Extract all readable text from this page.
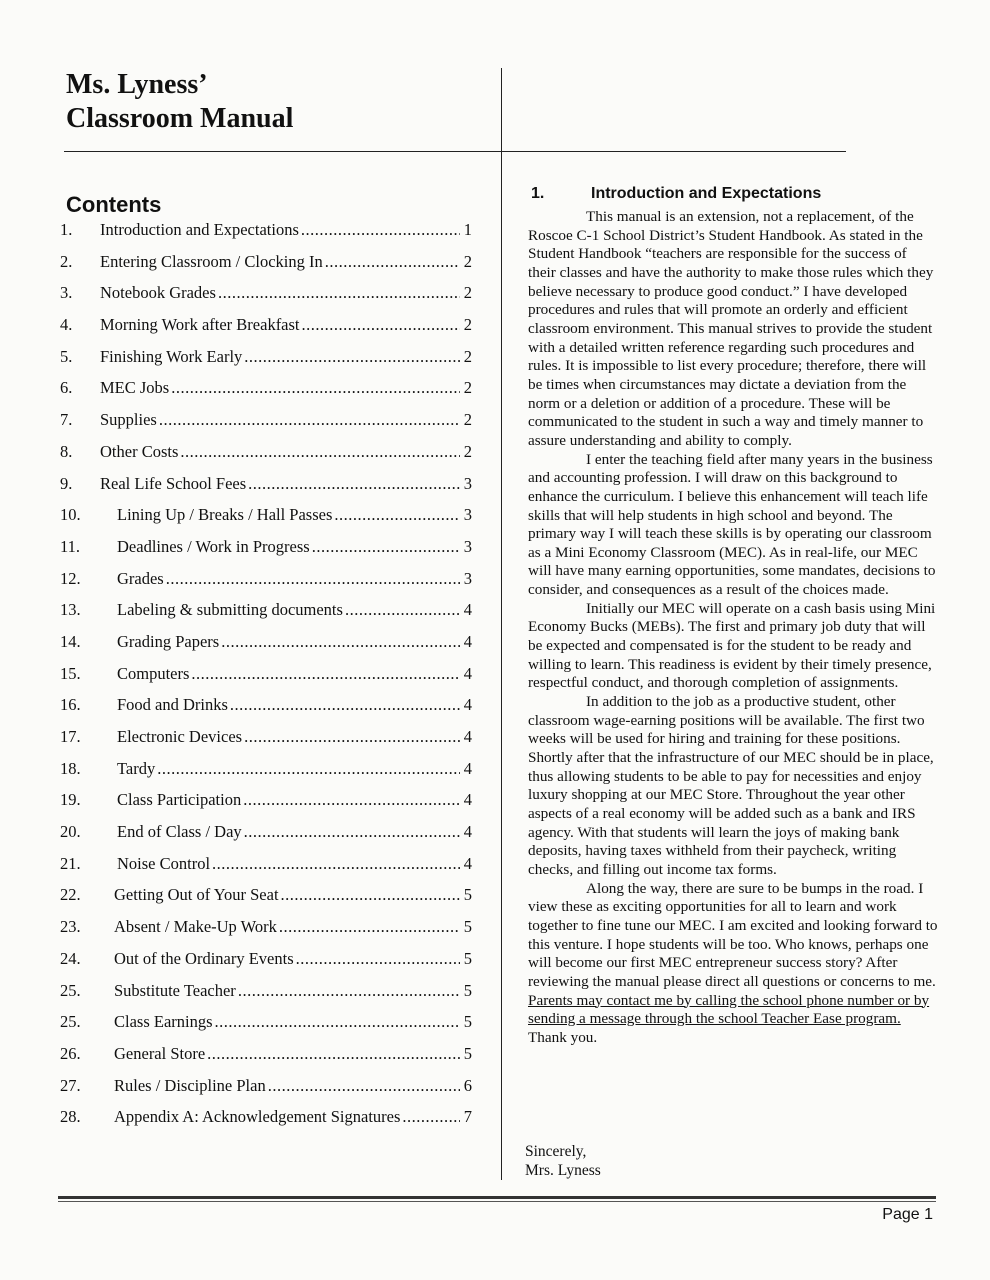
Ms. Lyness’
Classroom Manual
Contents
1.	Introduction and Expectations .....	1
2.	Entering Classroom / Clocking In .....	2
3.	Notebook Grades .....	2
4.	Morning Work after Breakfast .....	2
5.	Finishing Work Early .....	2
6.	MEC Jobs .....	2
7.	Supplies .....	2
8.	Other Costs .....	2
9.	Real Life School Fees .....	3
10.	Lining Up / Breaks / Hall Passes .....	3
11.	Deadlines / Work in Progress .....	3
12.	Grades .....	3
13.	Labeling & submitting documents .....	4
14.	Grading Papers .....	4
15.	Computers .....	4
16.	Food and Drinks .....	4
17.	Electronic Devices .....	4
18.	Tardy .....	4
19.	Class Participation .....	4
20.	End of Class / Day .....	4
21.	Noise Control .....	4
22.	Getting Out of Your Seat .....	5
23.	Absent / Make-Up Work .....	5
24.	Out of the Ordinary Events .....	5
25.	Substitute Teacher .....	5
25.	Class Earnings .....	5
26.	General Store .....	5
27.	Rules / Discipline Plan .....	6
28.	Appendix A: Acknowledgement Signatures .....	7
1.	Introduction and Expectations

This manual is an extension, not a replacement, of the Roscoe C-1 School District’s Student Handbook. As stated in the Student Handbook “teachers are responsible for the success of their classes and have the authority to make those rules which they believe necessary to produce good conduct.” I have developed procedures and rules that will promote an orderly and efficient classroom environment. This manual strives to provide the student with a detailed written reference regarding such procedures and rules. It is impossible to list every procedure; therefore, there will be times when circumstances may dictate a deviation from the norm or a deletion or addition of a procedure. These will be communicated to the student in such a way and timely manner to assure understanding and ability to comply.

I enter the teaching field after many years in the business and accounting profession. I will draw on this background to enhance the curriculum. I believe this enhancement will teach life skills that will help students in high school and beyond. The primary way I will teach these skills is by operating our classroom as a Mini Economy Classroom (MEC). As in real-life, our MEC will have many earning opportunities, some mandates, decisions to consider, and consequences as a result of the choices made.

Initially our MEC will operate on a cash basis using Mini Economy Bucks (MEBs). The first and primary job duty that will be expected and compensated is for the student to be ready and willing to learn. This readiness is evident by their timely presence, respectful conduct, and thorough completion of assignments.

In addition to the job as a productive student, other classroom wage-earning positions will be available. The first two weeks will be used for hiring and training for these positions. Shortly after that the infrastructure of our MEC should be in place, thus allowing students to be able to pay for necessities and enjoy luxury shopping at our MEC Store. Throughout the year other aspects of a real economy will be added such as a bank and IRS agency. With that students will learn the joys of making bank deposits, having taxes withheld from their paycheck, writing checks, and filling out income tax forms.

Along the way, there are sure to be bumps in the road. I view these as exciting opportunities for all to learn and work together to fine tune our MEC. I am excited and looking forward to this venture. I hope students will be too. Who knows, perhaps one will become our first MEC entrepreneur success story? After reviewing the manual please direct all questions or concerns to me. Parents may contact me by calling the school phone number or by sending a message through the school Teacher Ease program. Thank you.

Sincerely,
Mrs. Lyness
Page 1
